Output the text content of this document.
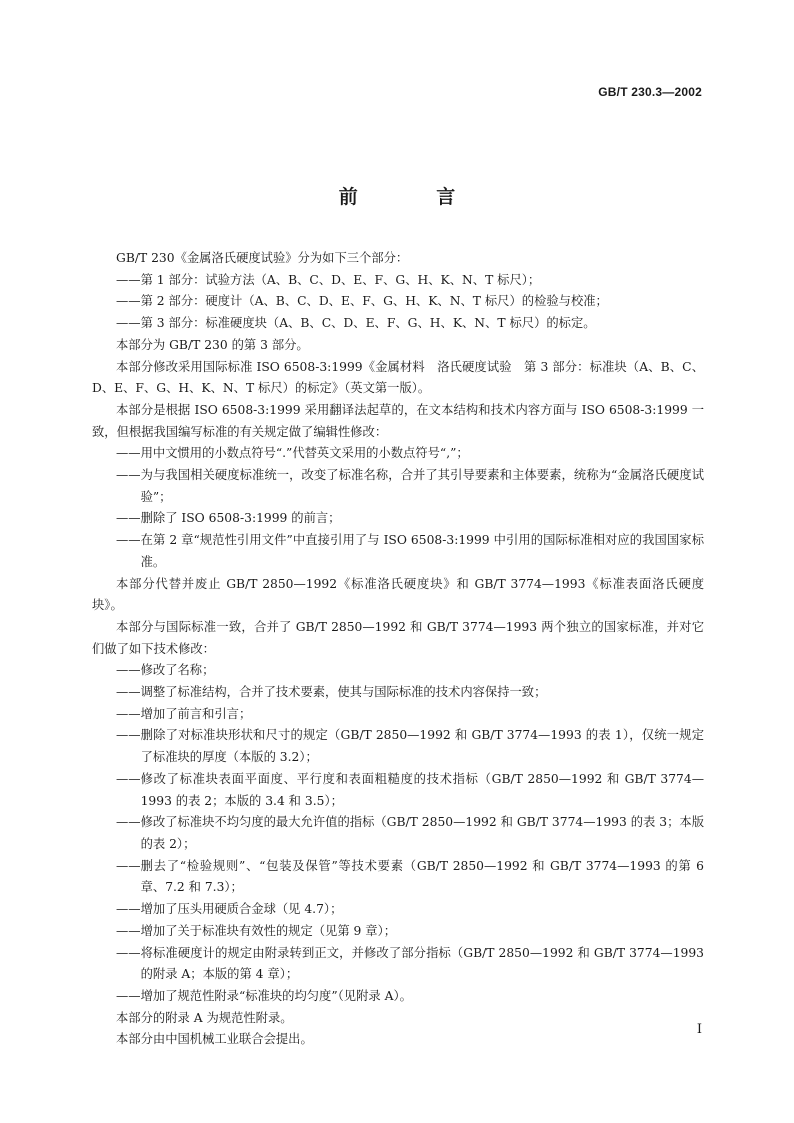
GB/T 230.3—2002
前 言

GB/T 230《金属洛氏硬度试验》分为如下三个部分：

—— 第 1 部分：试验方法（A、B、C、D、E、F、G、H、K、N、T 标尺）；
—— 第 2 部分：硬度计（A、B、C、D、E、F、G、H、K、N、T 标尺）的检验与校准；
—— 第 3 部分：标准硬度块（A、B、C、D、E、F、G、H、K、N、T 标尺）的标定。

本部分为 GB/T 230 的第 3 部分。

本部分修改采用国际标准 ISO 6508-3:1999《金属材料　洛氏硬度试验　第 3 部分：标准块（A、B、C、D、E、F、G、H、K、N、T 标尺）的标定》（英文第一版）。

本部分是根据 ISO 6508-3:1999 采用翻译法起草的，在文本结构和技术内容方面与 ISO 6508-3:1999 一致，但根据我国编写标准的有关规定做了编辑性修改：

—— 用中文惯用的小数点符号“.”代替英文采用的小数点符号“,”；
—— 为与我国相关硬度标准统一，改变了标准名称，合并了其引导要素和主体要素，统称为“金属洛氏硬度试验”；
—— 删除了 ISO 6508-3:1999 的前言；
—— 在第 2 章“规范性引用文件”中直接引用了与 ISO 6508-3:1999 中引用的国际标准相对应的我国国家标准。

本部分代替并废止 GB/T 2850—1992《标准洛氏硬度块》和 GB/T 3774—1993《标准表面洛氏硬度块》。

本部分与国际标准一致，合并了 GB/T 2850—1992 和 GB/T 3774—1993 两个独立的国家标准，并对它们做了如下技术修改：

—— 修改了名称；
—— 调整了标准结构，合并了技术要素，使其与国际标准的技术内容保持一致；
—— 增加了前言和引言；
—— 删除了对标准块形状和尺寸的规定（GB/T 2850—1992 和 GB/T 3774—1993 的表 1），仅统一规定了标准块的厚度（本版的 3.2）；
—— 修改了标准块表面平面度、平行度和表面粗糙度的技术指标（GB/T 2850—1992 和 GB/T 3774—1993 的表 2；本版的 3.4 和 3.5）；
—— 修改了标准块不均匀度的最大允许值的指标（GB/T 2850—1992 和 GB/T 3774—1993 的表 3；本版的表 2）；
—— 删去了“检验规则”、“包装及保管”等技术要素（GB/T 2850—1992 和 GB/T 3774—1993 的第 6 章、7.2 和 7.3）；
—— 增加了压头用硬质合金球（见 4.7）；
—— 增加了关于标准块有效性的规定（见第 9 章）；
—— 将标准硬度计的规定由附录转到正文，并修改了部分指标（GB/T 2850—1992 和 GB/T 3774—1993 的附录 A；本版的第 4 章）；
—— 增加了规范性附录“标准块的均匀度”（见附录 A）。

本部分的附录 A 为规范性附录。

本部分由中国机械工业联合会提出。

I
